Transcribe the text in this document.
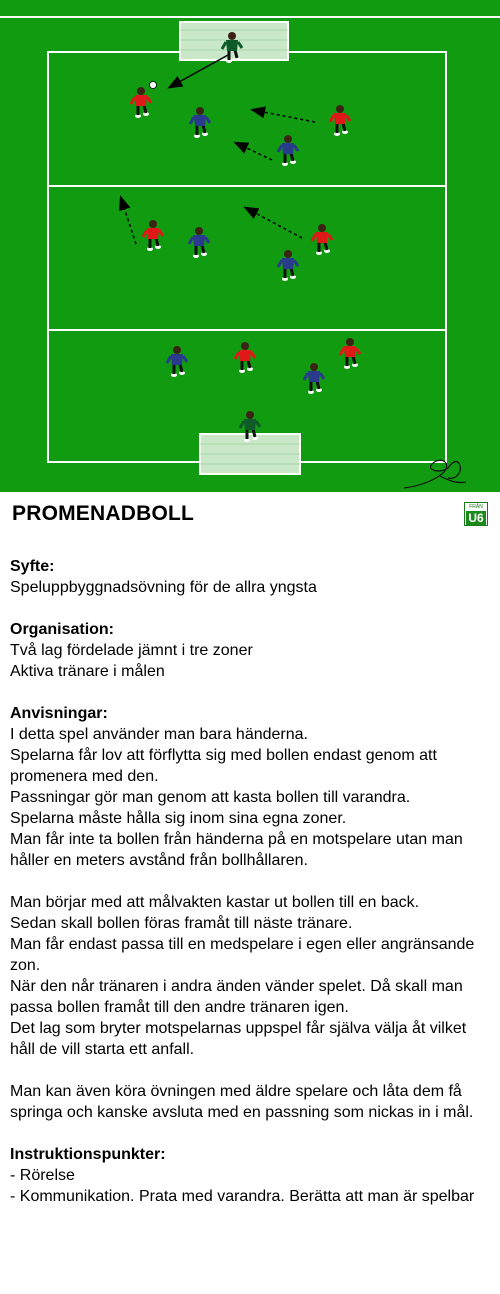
PROMENADBOLL	FRÅN
U6
Syfte:

Speluppbyggnadsövning för de allra yngsta

Organisation:

Två lag fördelade jämnt i tre zoner

Aktiva tränare i målen

Anvisningar:

I detta spel använder man bara händerna.

Spelarna får lov att förflytta sig med bollen endast genom att promenera med den.

Passningar gör man genom att kasta bollen till varandra.

Spelarna måste hålla sig inom sina egna zoner.

Man får inte ta bollen från händerna på en motspelare utan man håller en meters avstånd från bollhållaren.

Man börjar med att målvakten kastar ut bollen till en back.

Sedan skall bollen föras framåt till näste tränare.

Man får endast passa till en medspelare i egen eller angränsande zon.

När den når tränaren i andra änden vänder spelet. Då skall man passa bollen framåt till den andre tränaren igen.

Det lag som bryter motspelarnas uppspel får själva välja åt vilket håll de vill starta ett anfall.

Man kan även köra övningen med äldre spelare och låta dem få springa och kanske avsluta med en passning som nickas in i mål.

Instruktionspunkter:

- Rörelse

- Kommunikation. Prata med varandra. Berätta att man är spelbar
